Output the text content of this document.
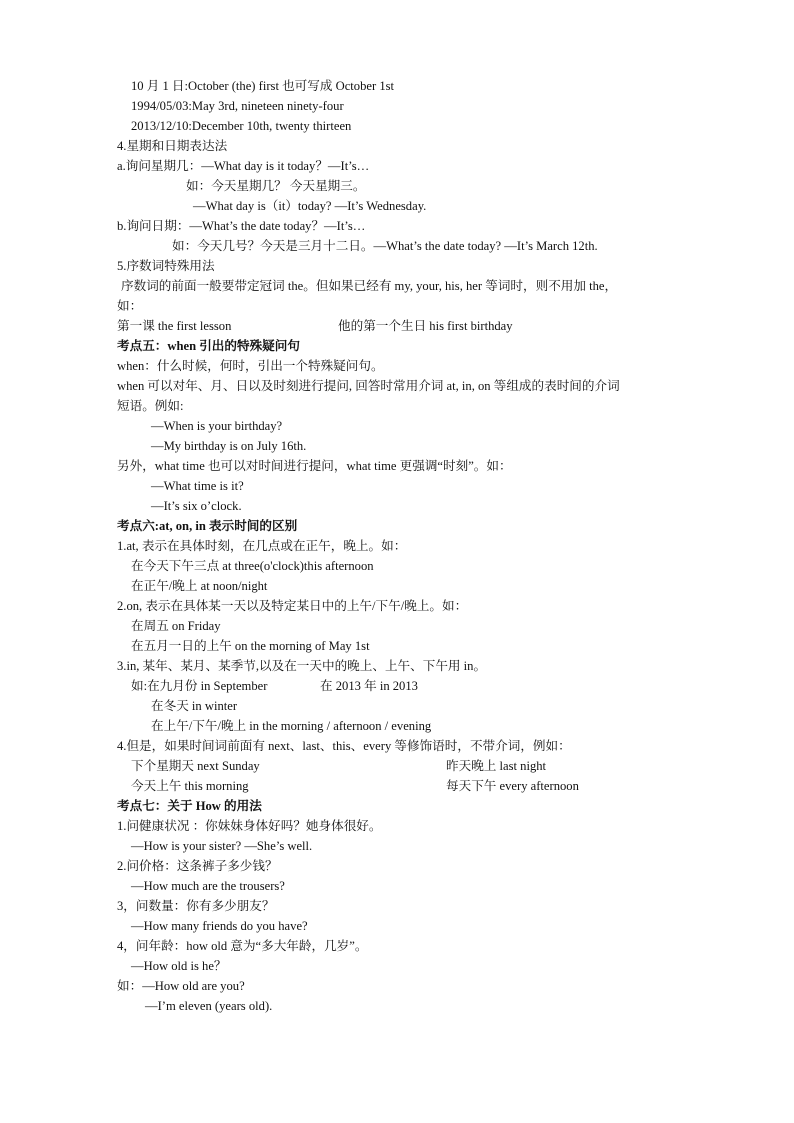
10 月 1 日:October (the) first 也可写成 October 1st
1994/05/03:May 3rd, nineteen ninety-four
2013/12/10:December 10th, twenty thirteen
4.星期和日期表达法
a.询问星期几：—What day is it today？—It’s…
如：今天星期几？ 今天星期三。
—What day is（it）today? —It’s Wednesday.
b.询问日期：—What’s the date today？—It’s…
如：今天几号？今天是三月十二日。—What’s the date today? —It’s March 12th.
5.序数词特殊用法
序数词的前面一般要带定冠词 the。但如果已经有 my, your, his, her 等词时，则不用加 the，
如：
第一课 the first lesson	他的第一个生日 his first birthday
考点五：when 引出的特殊疑问句
when：什么时候，何时，引出一个特殊疑问句。
when 可以对年、月、日以及时刻进行提问, 回答时常用介词 at, in, on 等组成的表时间的介词
短语。例如:
—When is your birthday?
—My birthday is on July 16th.
另外，what time 也可以对时间进行提问，what time 更强调“时刻”。如：
—What time is it?
—It’s six o’clock.
考点六:at, on, in 表示时间的区别
1.at, 表示在具体时刻，在几点或在正午，晚上。如：
在今天下午三点 at three(o'clock)this afternoon
在正午/晚上 at noon/night
2.on, 表示在具体某一天以及特定某日中的上午/下午/晚上。如：
在周五 on Friday
在五月一日的上午 on the morning of May 1st
3.in, 某年、某月、某季节,以及在一天中的晚上、上午、下午用 in。
如:在九月份 in September	在 2013 年 in 2013
在冬天 in winter
在上午/下午/晚上 in the morning / afternoon / evening
4.但是，如果时间词前面有 next、last、this、every 等修饰语时，不带介词，例如：
下个星期天 next Sunday	昨天晚上 last night
今天上午 this morning	每天下午 every afternoon
考点七：关于 How 的用法
1.问健康状况 ：你妹妹身体好吗？她身体很好。
—How is your sister? —She’s well.
2.问价格：这条裤子多少钱？
—How much are the trousers?
3，问数量：你有多少朋友？
—How many friends do you have?
4，问年龄：how old 意为“多大年龄，几岁”。
—How old is he？
如：—How old are you?
—I’m eleven (years old).
